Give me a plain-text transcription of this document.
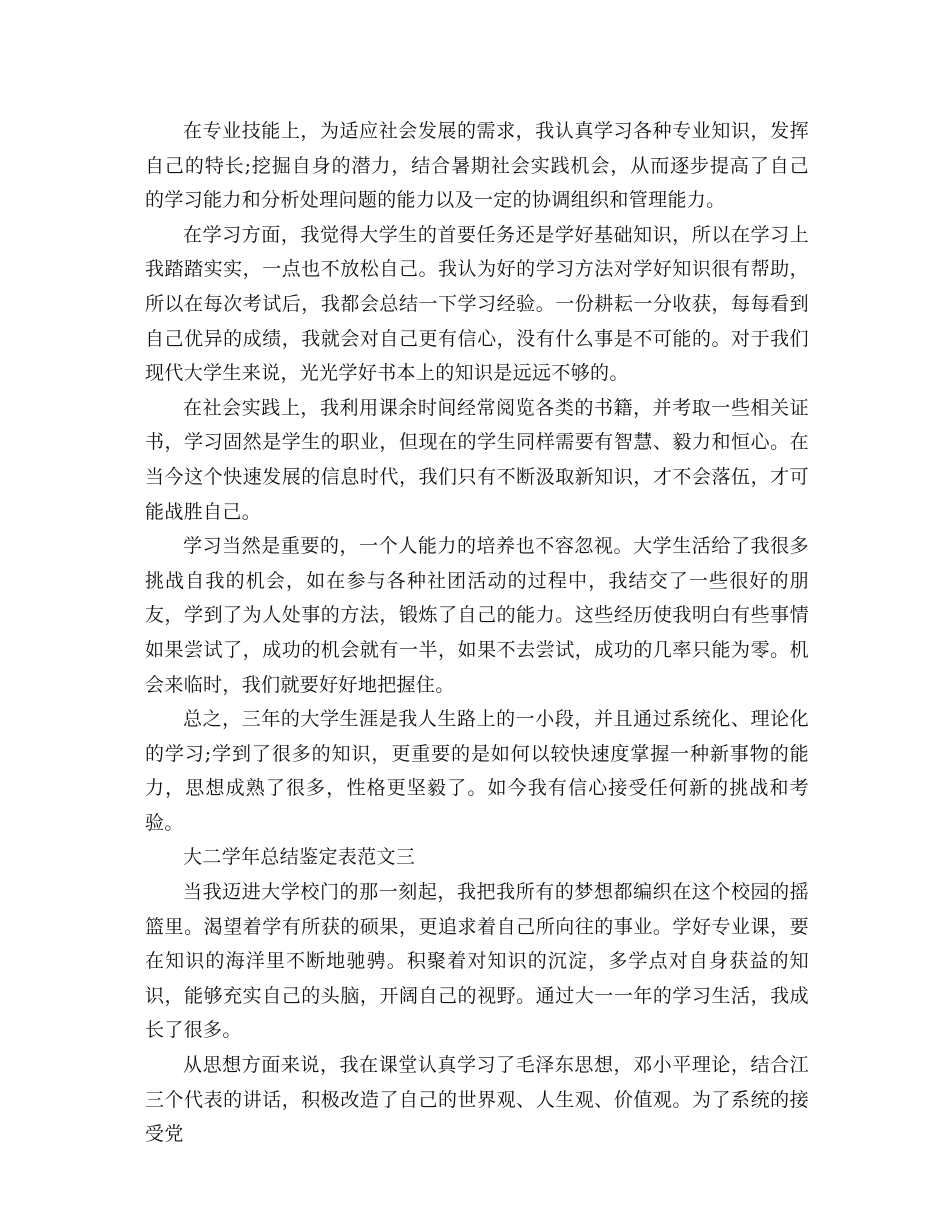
在专业技能上，为适应社会发展的需求，我认真学习各种专业知识，发挥自己的特长;挖掘自身的潜力，结合暑期社会实践机会，从而逐步提高了自己的学习能力和分析处理问题的能力以及一定的协调组织和管理能力。

在学习方面，我觉得大学生的首要任务还是学好基础知识，所以在学习上我踏踏实实，一点也不放松自己。我认为好的学习方法对学好知识很有帮助，所以在每次考试后，我都会总结一下学习经验。一份耕耘一分收获，每每看到自己优异的成绩，我就会对自己更有信心，没有什么事是不可能的。对于我们现代大学生来说，光光学好书本上的知识是远远不够的。

在社会实践上，我利用课余时间经常阅览各类的书籍，并考取一些相关证书，学习固然是学生的职业，但现在的学生同样需要有智慧、毅力和恒心。在当今这个快速发展的信息时代，我们只有不断汲取新知识，才不会落伍，才可能战胜自己。

学习当然是重要的，一个人能力的培养也不容忽视。大学生活给了我很多挑战自我的机会，如在参与各种社团活动的过程中，我结交了一些很好的朋友，学到了为人处事的方法，锻炼了自己的能力。这些经历使我明白有些事情如果尝试了，成功的机会就有一半，如果不去尝试，成功的几率只能为零。机会来临时，我们就要好好地把握住。

总之，三年的大学生涯是我人生路上的一小段，并且通过系统化、理论化的学习;学到了很多的知识，更重要的是如何以较快速度掌握一种新事物的能力，思想成熟了很多，性格更坚毅了。如今我有信心接受任何新的挑战和考验。

大二学年总结鉴定表范文三

当我迈进大学校门的那一刻起，我把我所有的梦想都编织在这个校园的摇篮里。渴望着学有所获的硕果，更追求着自己所向往的事业。学好专业课，要在知识的海洋里不断地驰骋。积聚着对知识的沉淀，多学点对自身获益的知识，能够充实自己的头脑，开阔自己的视野。通过大一一年的学习生活，我成长了很多。

从思想方面来说，我在课堂认真学习了毛泽东思想，邓小平理论，结合江三个代表的讲话，积极改造了自己的世界观、人生观、价值观。为了系统的接受党
